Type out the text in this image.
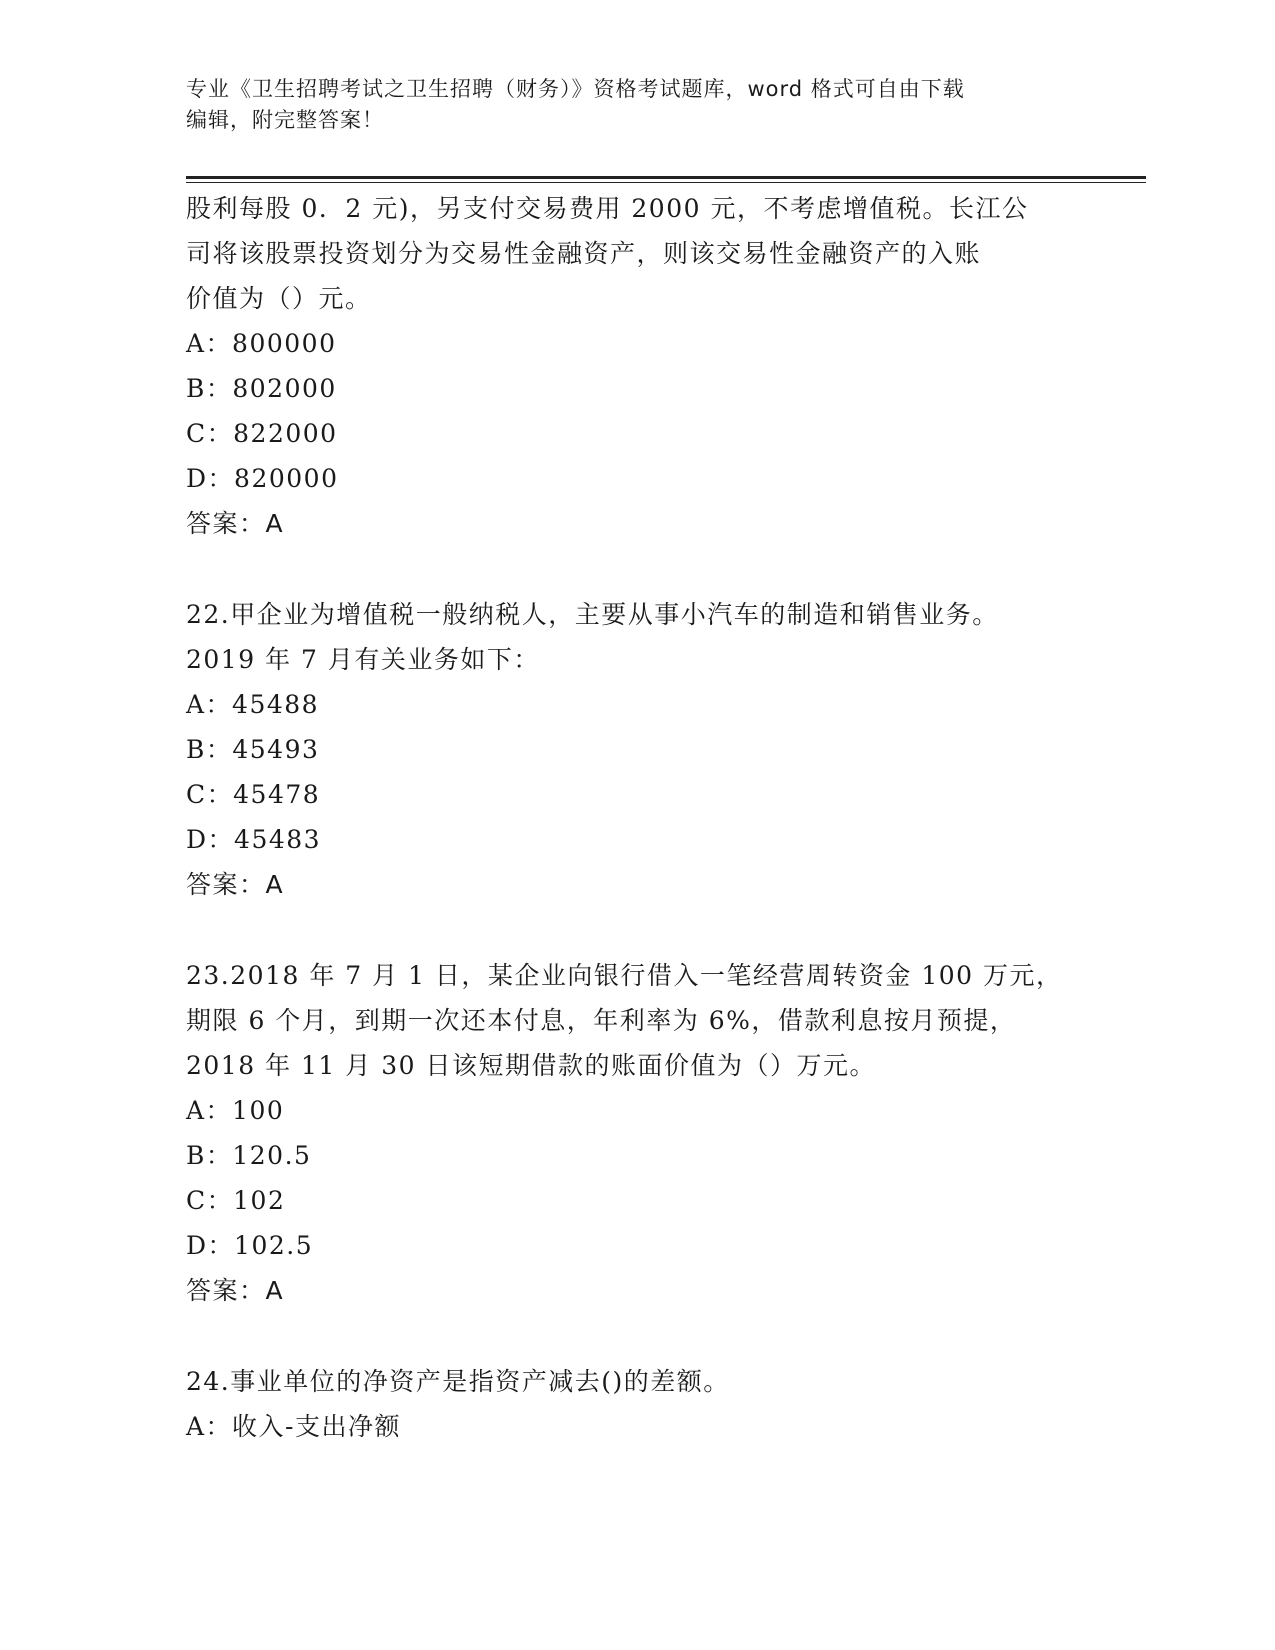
专业《卫生招聘考试之卫生招聘（财务）》资格考试题库，word 格式可自由下载
编辑，附完整答案！
股利每股 0．2 元)，另支付交易费用 2000 元，不考虑增值税。长江公
司将该股票投资划分为交易性金融资产，则该交易性金融资产的入账
价值为（）元。
A：800000
B：802000
C：822000
D：820000
答案：A
22.甲企业为增值税一般纳税人，主要从事小汽车的制造和销售业务。
2019 年 7 月有关业务如下：
A：45488
B：45493
C：45478
D：45483
答案：A
23.2018 年 7 月 1 日，某企业向银行借入一笔经营周转资金 100 万元，
期限 6 个月，到期一次还本付息，年利率为 6%，借款利息按月预提，
2018 年 11 月 30 日该短期借款的账面价值为（）万元。
A：100
B：120.5
C：102
D：102.5
答案：A
24.事业单位的净资产是指资产减去()的差额。
A：收入-支出净额
